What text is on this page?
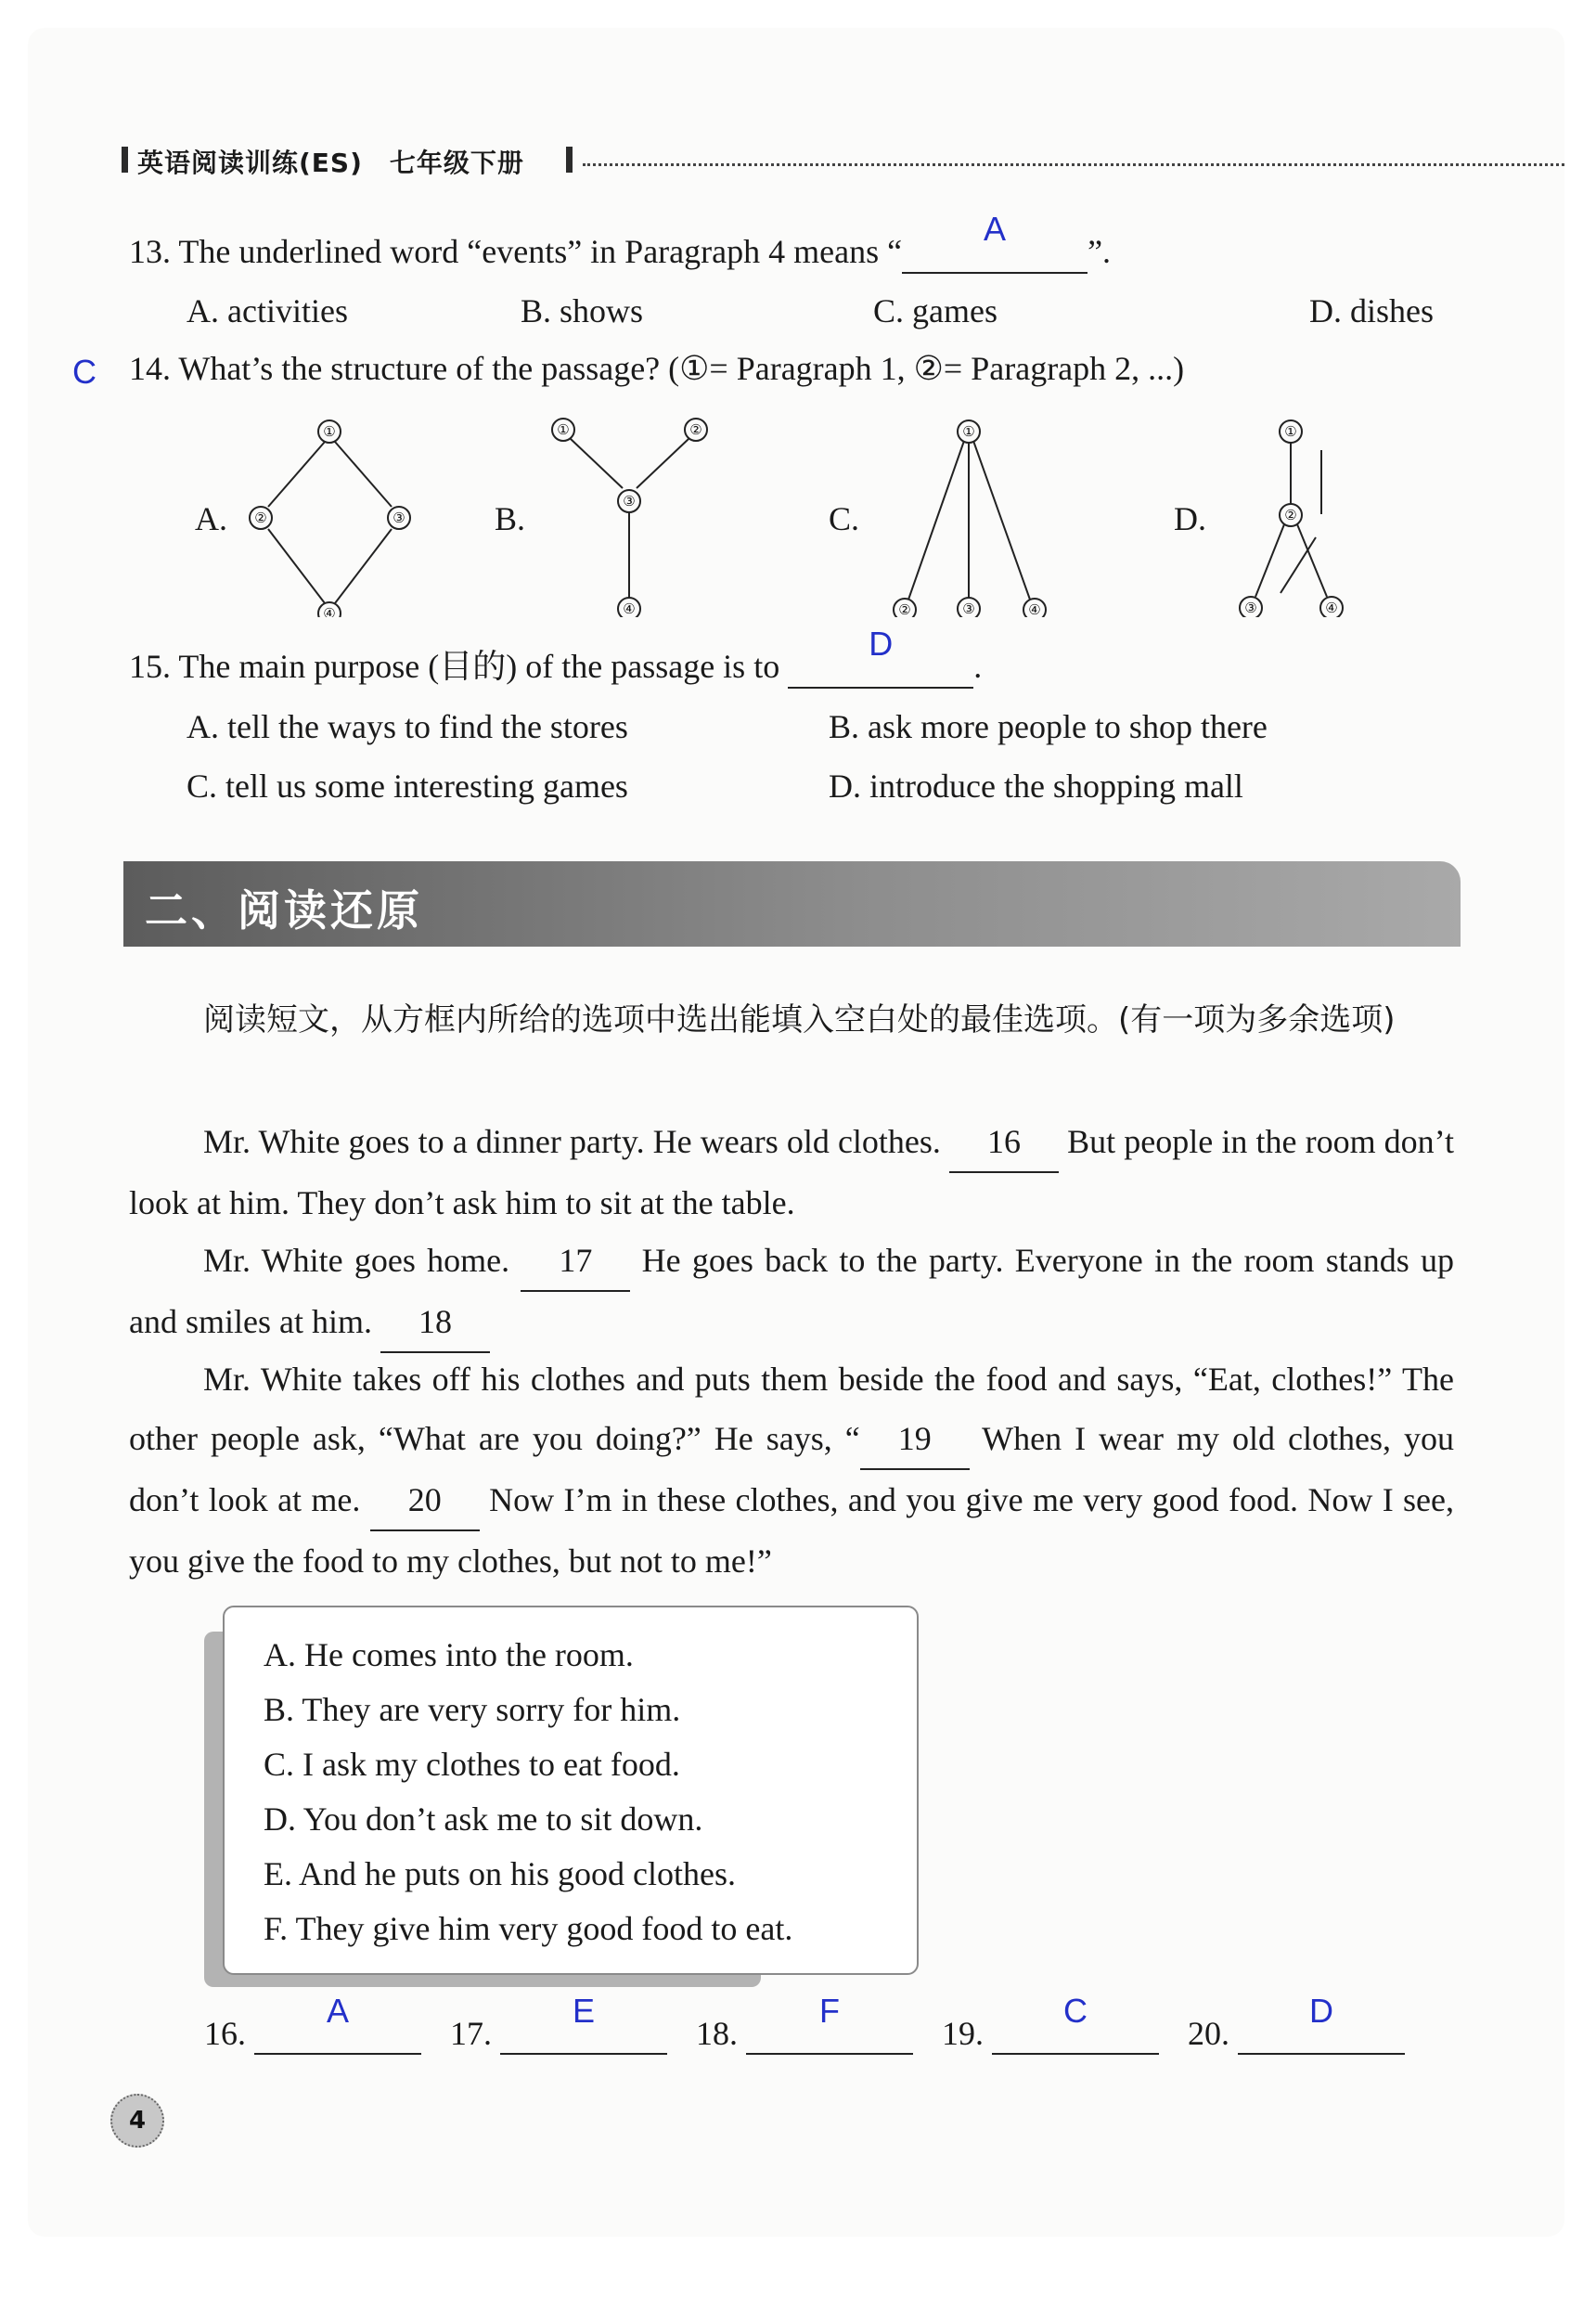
英语阅读训练(ES)　七年级下册
13. The underlined word “events” in Paragraph 4 means “
A
”.
A. activities	B. shows	C. games	D. dishes
C 14. What’s the structure of the passage? (①= Paragraph 1, ②= Paragraph 2, ...)
A.	B.	C.	D.
①
②	③
④
①	②
③
④
①
②	③	④
①
②
③	④
15. The main purpose (目的) of the passage is to
D
.
A. tell the ways to find the stores	B. ask more people to shop there
C. tell us some interesting games	D. introduce the shopping mall
二、阅读还原
阅读短文，从方框内所给的选项中选出能填入空白处的最佳选项。(有一项为多余选项)
Mr. White goes to a dinner party. He wears old clothes. 16 But people in the room don’t look at him. They don’t ask him to sit at the table.
Mr. White goes home. 17 He goes back to the party. Everyone in the room stands up and smiles at him. 18
Mr. White takes off his clothes and puts them beside the food and says, “Eat, clothes!” The other people ask, “What are you doing?” He says, “ 19 When I wear my old clothes, you don’t look at me. 20 Now I’m in these clothes, and you give me very good food. Now I see, you give the food to my clothes, but not to me!”
A. He comes into the room.
B. They are very sorry for him.
C. I ask my clothes to eat food.
D. You don’t ask me to sit down.
E. And he puts on his good clothes.
F. They give him very good food to eat.
16.
A
17.
E
18.
F
19.
C
20.
D

4
